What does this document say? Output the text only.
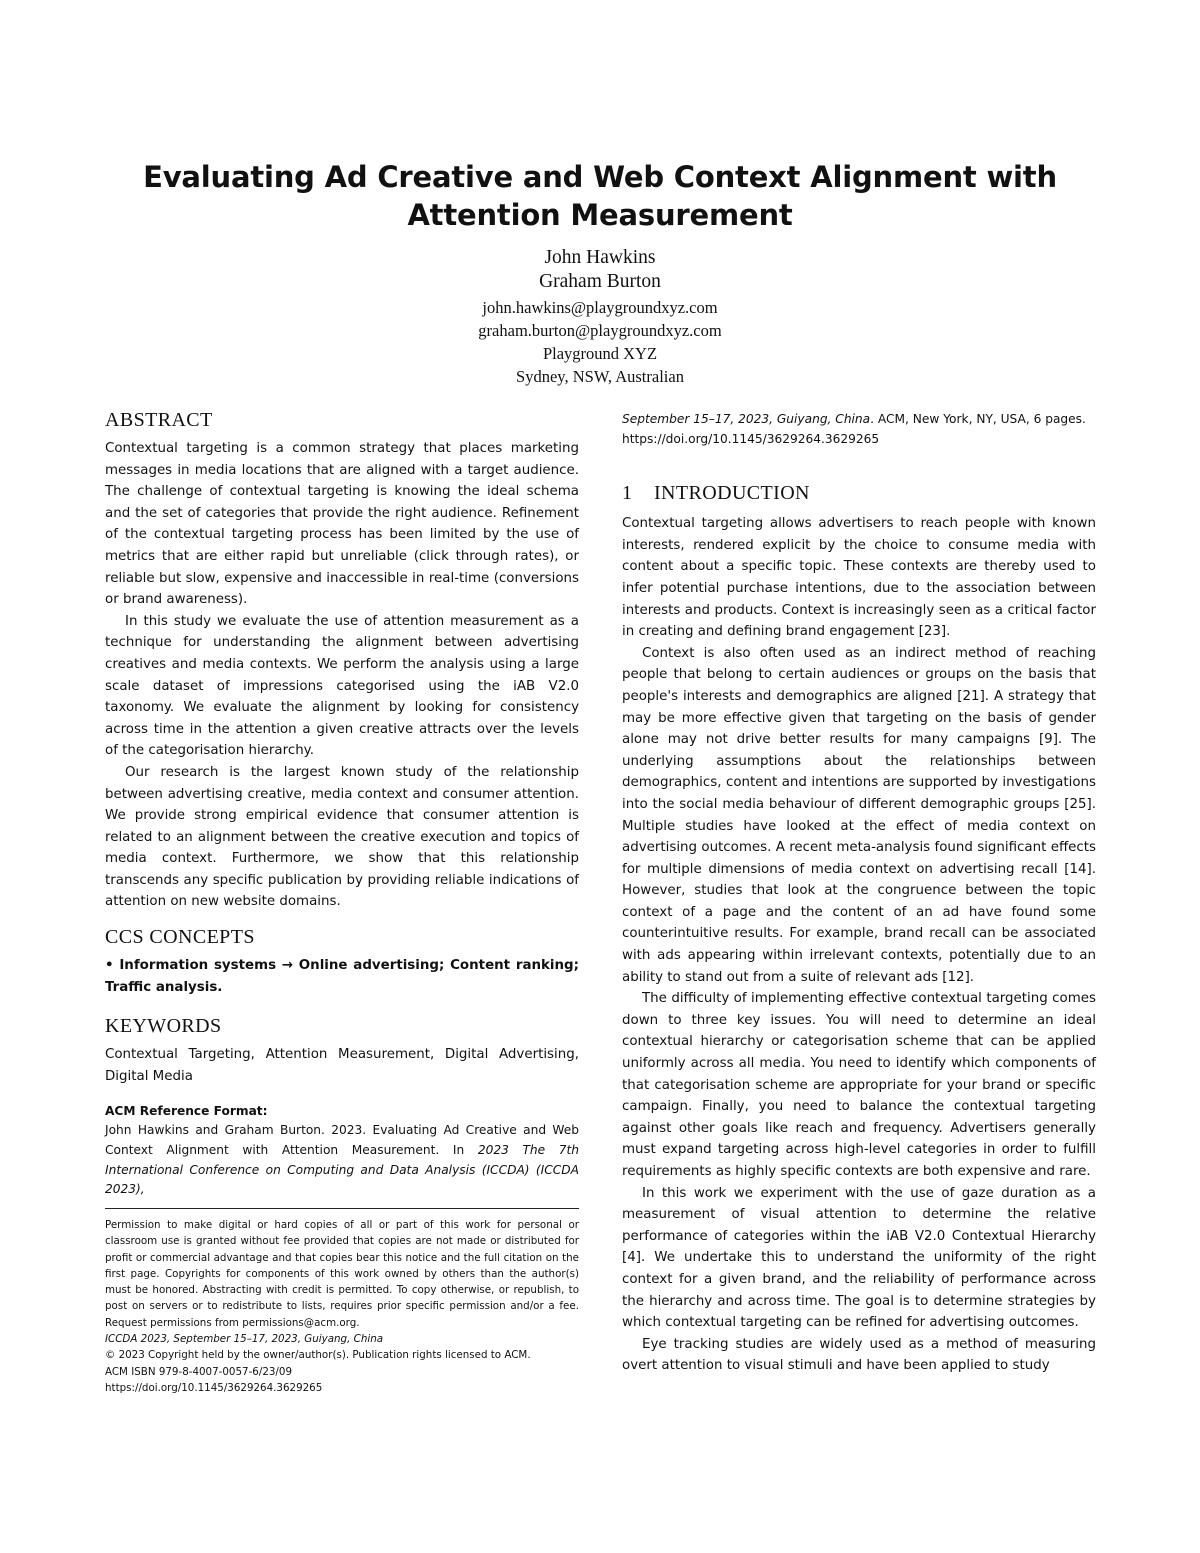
Evaluating Ad Creative and Web Context Alignment with
Attention Measurement
John Hawkins
Graham Burton
john.hawkins@playgroundxyz.com
graham.burton@playgroundxyz.com
Playground XYZ
Sydney, NSW, Australian
ABSTRACT

Contextual targeting is a common strategy that places marketing messages in media locations that are aligned with a target audience. The challenge of contextual targeting is knowing the ideal schema and the set of categories that provide the right audience. Refinement of the contextual targeting process has been limited by the use of metrics that are either rapid but unreliable (click through rates), or reliable but slow, expensive and inaccessible in real-time (conversions or brand awareness).

In this study we evaluate the use of attention measurement as a technique for understanding the alignment between advertising creatives and media contexts. We perform the analysis using a large scale dataset of impressions categorised using the iAB V2.0 taxonomy. We evaluate the alignment by looking for consistency across time in the attention a given creative attracts over the levels of the categorisation hierarchy.

Our research is the largest known study of the relationship between advertising creative, media context and consumer attention. We provide strong empirical evidence that consumer attention is related to an alignment between the creative execution and topics of media context. Furthermore, we show that this relationship transcends any specific publication by providing reliable indications of attention on new website domains.

CCS CONCEPTS

• Information systems → Online advertising; Content ranking; Traffic analysis.

KEYWORDS

Contextual Targeting, Attention Measurement, Digital Advertising, Digital Media

ACM Reference Format:

John Hawkins and Graham Burton. 2023. Evaluating Ad Creative and Web Context Alignment with Attention Measurement. In 2023 The 7th International Conference on Computing and Data Analysis (ICCDA) (ICCDA 2023),

Permission to make digital or hard copies of all or part of this work for personal or classroom use is granted without fee provided that copies are not made or distributed for profit or commercial advantage and that copies bear this notice and the full citation on the first page. Copyrights for components of this work owned by others than the author(s) must be honored. Abstracting with credit is permitted. To copy otherwise, or republish, to post on servers or to redistribute to lists, requires prior specific permission and/or a fee. Request permissions from permissions@acm.org.
ICCDA 2023, September 15–17, 2023, Guiyang, China
© 2023 Copyright held by the owner/author(s). Publication rights licensed to ACM.
ACM ISBN 979-8-4007-0057-6/23/09
https://doi.org/10.1145/3629264.3629265

September 15–17, 2023, Guiyang, China. ACM, New York, NY, USA, 6 pages. https://doi.org/10.1145/3629264.3629265

1 INTRODUCTION

Contextual targeting allows advertisers to reach people with known interests, rendered explicit by the choice to consume media with content about a specific topic. These contexts are thereby used to infer potential purchase intentions, due to the association between interests and products. Context is increasingly seen as a critical factor in creating and defining brand engagement [23].

Context is also often used as an indirect method of reaching people that belong to certain audiences or groups on the basis that people's interests and demographics are aligned [21]. A strategy that may be more effective given that targeting on the basis of gender alone may not drive better results for many campaigns [9]. The underlying assumptions about the relationships between demographics, content and intentions are supported by investigations into the social media behaviour of different demographic groups [25]. Multiple studies have looked at the effect of media context on advertising outcomes. A recent meta-analysis found significant effects for multiple dimensions of media context on advertising recall [14]. However, studies that look at the congruence between the topic context of a page and the content of an ad have found some counterintuitive results. For example, brand recall can be associated with ads appearing within irrelevant contexts, potentially due to an ability to stand out from a suite of relevant ads [12].

The difficulty of implementing effective contextual targeting comes down to three key issues. You will need to determine an ideal contextual hierarchy or categorisation scheme that can be applied uniformly across all media. You need to identify which components of that categorisation scheme are appropriate for your brand or specific campaign. Finally, you need to balance the contextual targeting against other goals like reach and frequency. Advertisers generally must expand targeting across high-level categories in order to fulfill requirements as highly specific contexts are both expensive and rare.

In this work we experiment with the use of gaze duration as a measurement of visual attention to determine the relative performance of categories within the iAB V2.0 Contextual Hierarchy [4]. We undertake this to understand the uniformity of the right context for a given brand, and the reliability of performance across the hierarchy and across time. The goal is to determine strategies by which contextual targeting can be refined for advertising outcomes.

Eye tracking studies are widely used as a method of measuring overt attention to visual stimuli and have been applied to study
